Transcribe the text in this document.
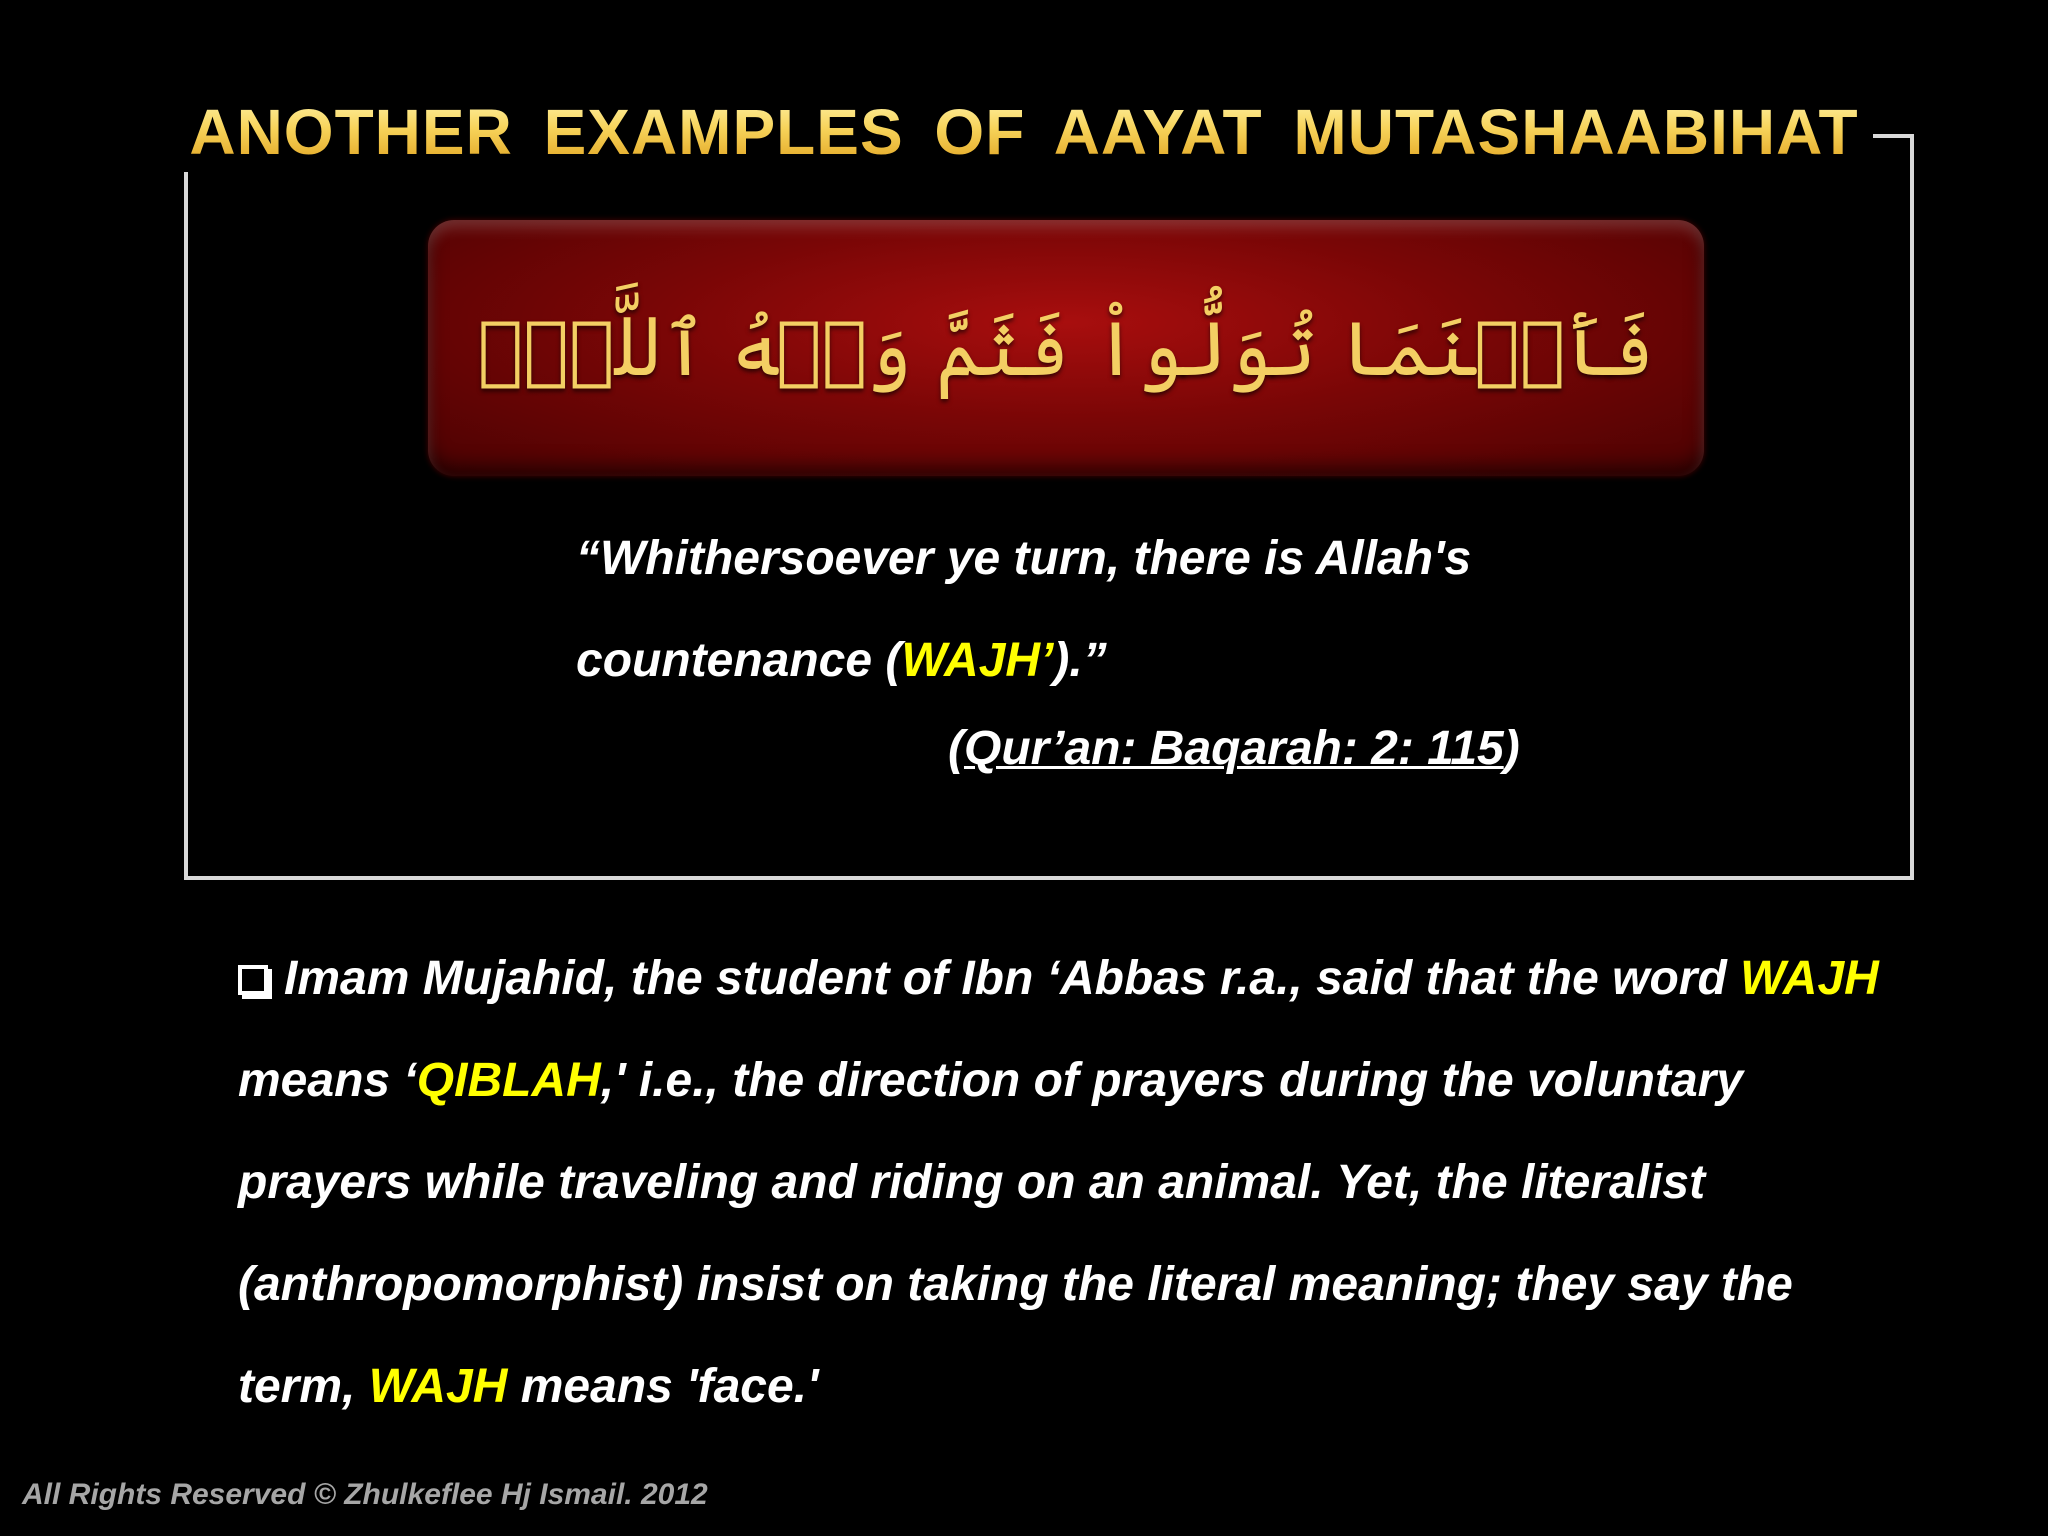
ANOTHER EXAMPLES OF AAYAT MUTASHAABIHAT
فَأَيۡنَمَا تُوَلُّواْ فَثَمَّ وَجۡهُ ٱللَّهِۚ
“Whithersoever ye turn, there is Allah's countenance (WAJH’).”
(Qur’an: Baqarah: 2: 115)
Imam Mujahid, the student of Ibn ‘Abbas r.a., said that the word WAJH means ‘QIBLAH,' i.e., the direction of prayers during the voluntary prayers while traveling and riding on an animal. Yet, the literalist (anthropomorphist) insist on taking the literal meaning; they say the term, WAJH means 'face.'
All Rights Reserved © Zhulkeflee Hj Ismail. 2012
